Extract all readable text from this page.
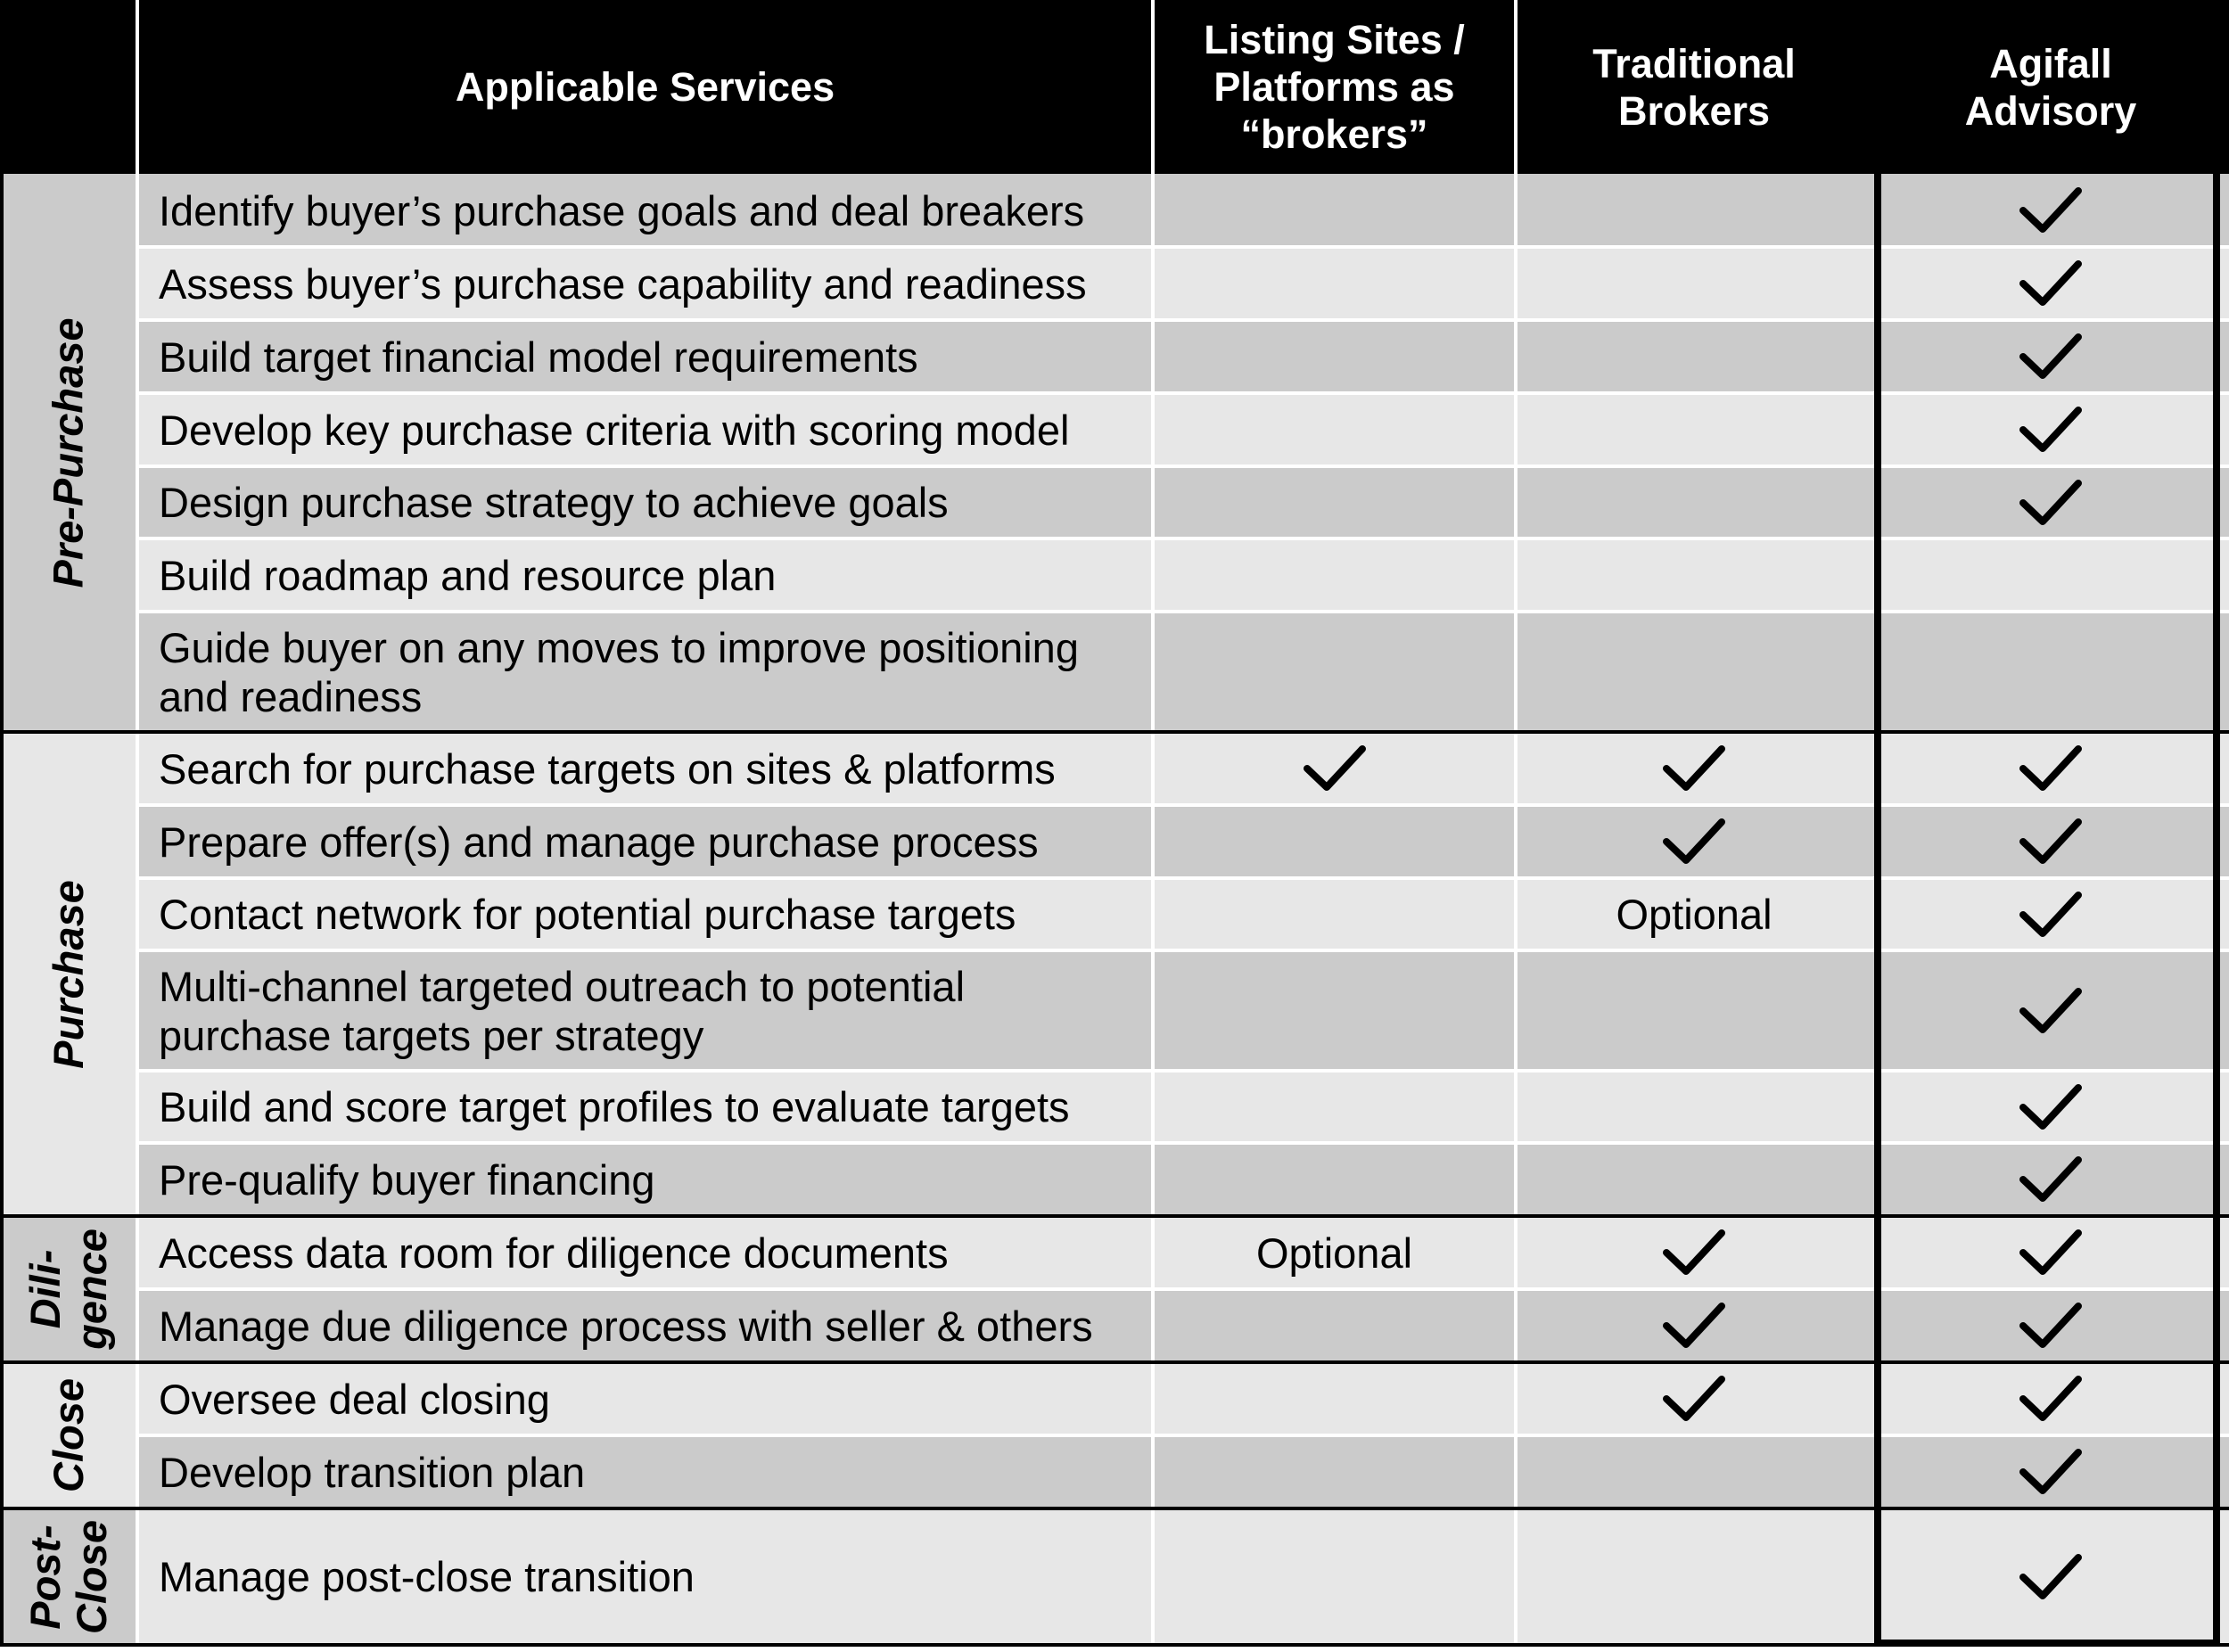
Applicable Services
Listing Sites /
Platforms as
“brokers”
Traditional
Brokers
Agifall
Advisory
Pre-Purchase
Purchase
Dili- gence
Close
Post- Close
Identify buyer’s purchase goals and deal breakers
Assess buyer’s purchase capability and readiness
Build target financial model requirements
Develop key purchase criteria with scoring model
Design purchase strategy to achieve goals
Build roadmap and resource plan
Guide buyer on any moves to improve positioning
and readiness
Search for purchase targets on sites & platforms
Prepare offer(s) and manage purchase process
Contact network for potential purchase targets	Optional
Multi-channel targeted outreach to potential
purchase targets per strategy
Build and score target profiles to evaluate targets
Pre-qualify buyer financing
Access data room for diligence documents	Optional
Manage due diligence process with seller & others
Oversee deal closing
Develop transition plan
Manage post-close transition
